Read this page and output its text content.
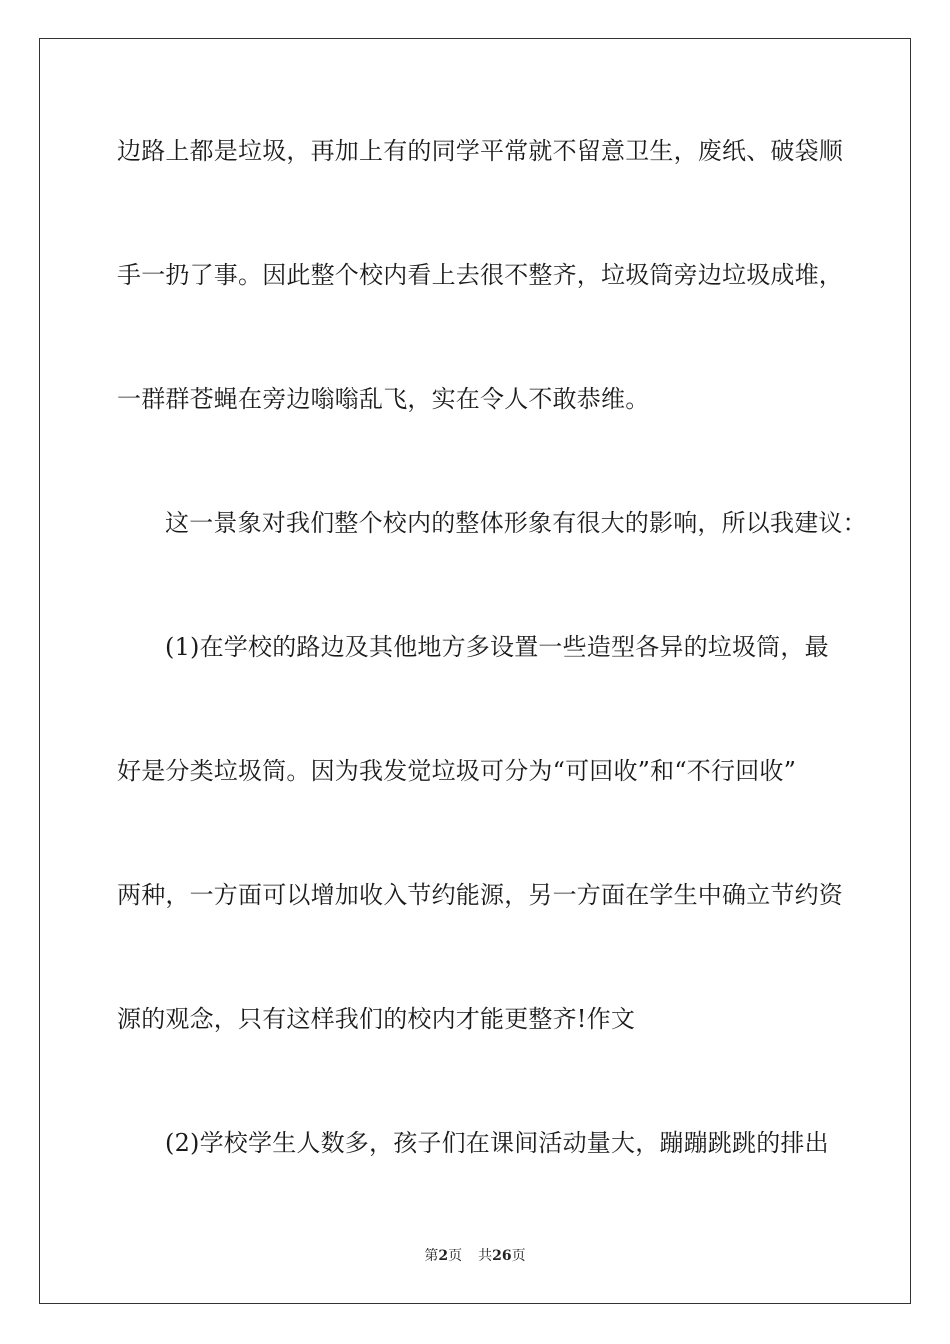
边路上都是垃圾，再加上有的同学平常就不留意卫生，废纸、破袋顺
手一扔了事。因此整个校内看上去很不整齐，垃圾筒旁边垃圾成堆，
一群群苍蝇在旁边嗡嗡乱飞，实在令人不敢恭维。
这一景象对我们整个校内的整体形象有很大的影响，所以我建议：
(1)在学校的路边及其他地方多设置一些造型各异的垃圾筒，最
好是分类垃圾筒。因为我发觉垃圾可分为“可回收”和“不行回收”
两种，一方面可以增加收入节约能源，另一方面在学生中确立节约资
源的观念，只有这样我们的校内才能更整齐!作文
(2)学校学生人数多，孩子们在课间活动量大，蹦蹦跳跳的排出
第2页 共26页
